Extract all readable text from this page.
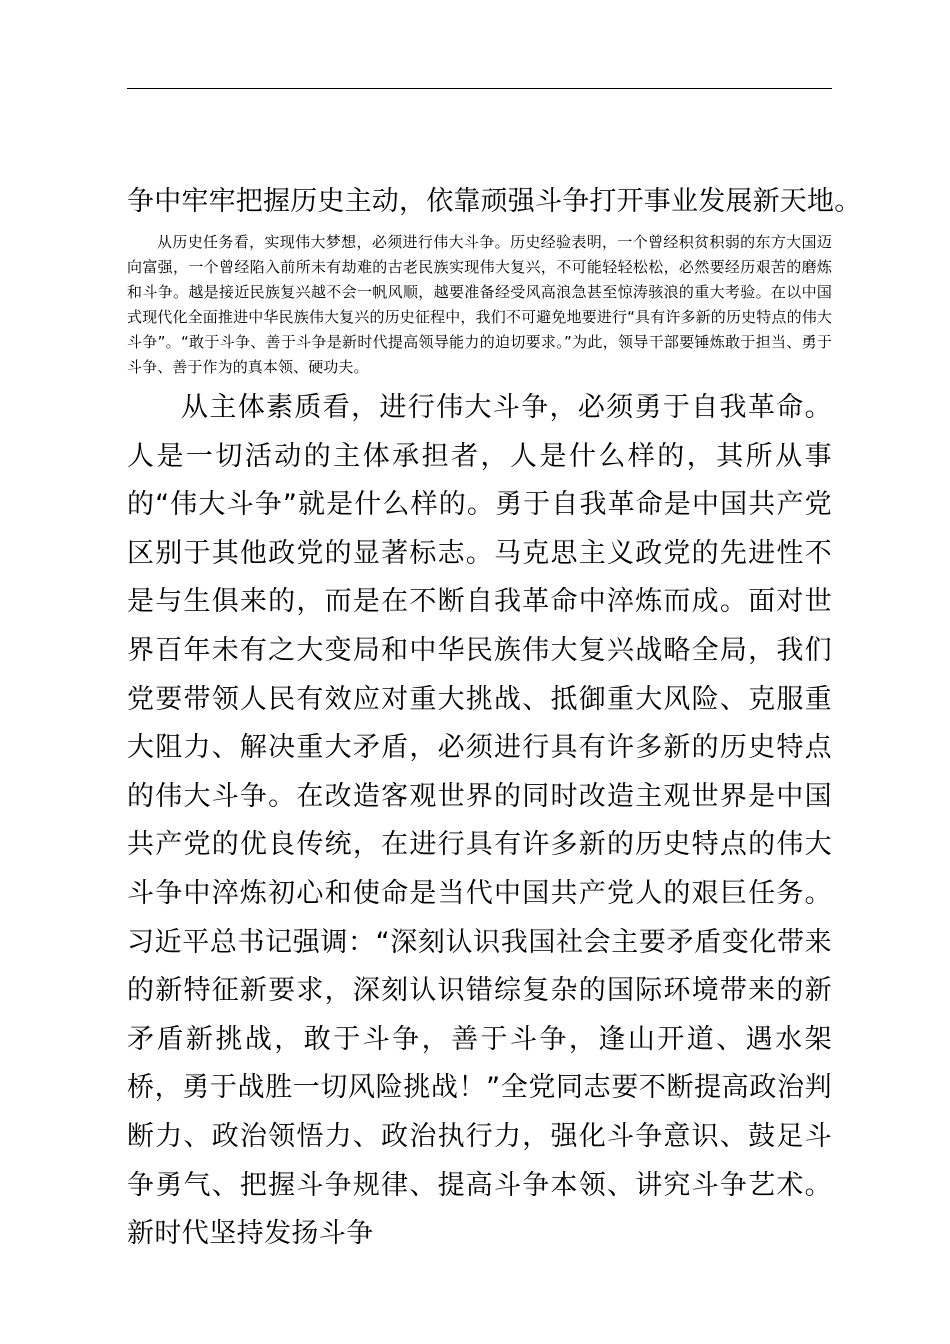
争中牢牢把握历史主动，依靠顽强斗争打开事业发展新天地。

从历史任务看，实现伟大梦想，必须进行伟大斗争。历史经验表明，一个曾经积贫积弱的东方大国迈向富强，一个曾经陷入前所未有劫难的古老民族实现伟大复兴，不可能轻轻松松，必然要经历艰苦的磨炼和斗争。越是接近民族复兴越不会一帆风顺，越要准备经受风高浪急甚至惊涛骇浪的重大考验。在以中国式现代化全面推进中华民族伟大复兴的历史征程中，我们不可避免地要进行“具有许多新的历史特点的伟大斗争”。“敢于斗争、善于斗争是新时代提高领导能力的迫切要求。”为此，领导干部要锤炼敢于担当、勇于斗争、善于作为的真本领、硬功夫。

从主体素质看，进行伟大斗争，必须勇于自我革命。人是一切活动的主体承担者，人是什么样的，其所从事的“伟大斗争”就是什么样的。勇于自我革命是中国共产党区别于其他政党的显著标志。马克思主义政党的先进性不是与生俱来的，而是在不断自我革命中淬炼而成。面对世界百年未有之大变局和中华民族伟大复兴战略全局，我们党要带领人民有效应对重大挑战、抵御重大风险、克服重大阻力、解决重大矛盾，必须进行具有许多新的历史特点的伟大斗争。在改造客观世界的同时改造主观世界是中国共产党的优良传统，在进行具有许多新的历史特点的伟大斗争中淬炼初心和使命是当代中国共产党人的艰巨任务。习近平总书记强调：“深刻认识我国社会主要矛盾变化带来的新特征新要求，深刻认识错综复杂的国际环境带来的新矛盾新挑战，敢于斗争，善于斗争，逢山开道、遇水架桥，勇于战胜一切风险挑战！”全党同志要不断提高政治判断力、政治领悟力、政治执行力，强化斗争意识、鼓足斗争勇气、把握斗争规律、提高斗争本领、讲究斗争艺术。新时代坚持发扬斗争
